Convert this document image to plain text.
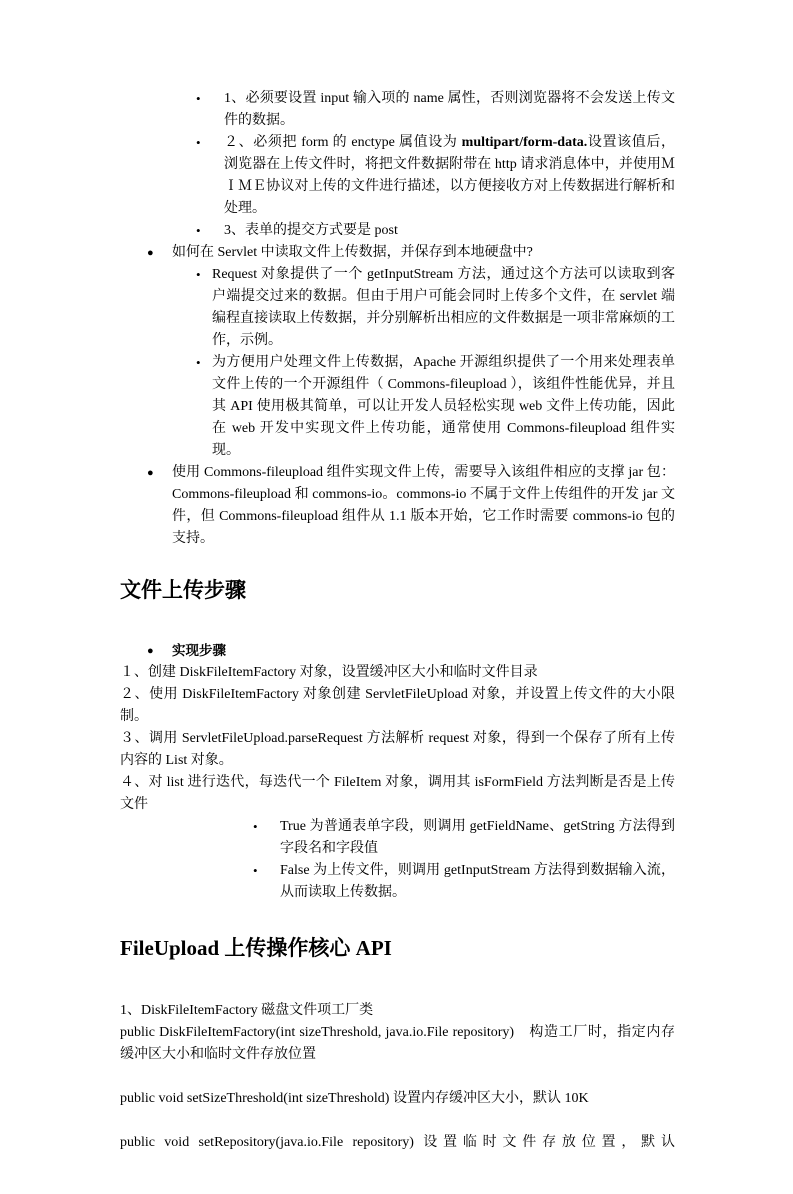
•	1、必须要设置 input 输入项的 name 属性，否则浏览器将不会发送上传文件的数据。
•	２、必须把 form 的 enctype 属值设为 multipart/form-data.设置该值后，浏览器在上传文件时，将把文件数据附带在 http 请求消息体中，并使用ＭＩＭＥ协议对上传的文件进行描述，以方便接收方对上传数据进行解析和处理。
•	3、表单的提交方式要是 post
●	如何在 Servlet 中读取文件上传数据，并保存到本地硬盘中?
• Request 对象提供了一个 getInputStream 方法，通过这个方法可以读取到客户端提交过来的数据。但由于用户可能会同时上传多个文件，在 servlet 端编程直接读取上传数据，并分别解析出相应的文件数据是一项非常麻烦的工作，示例。
• 为方便用户处理文件上传数据，Apache 开源组织提供了一个用来处理表单文件上传的一个开源组件（ Commons-fileupload ），该组件性能优异，并且其 API 使用极其简单，可以让开发人员轻松实现 web 文件上传功能，因此在 web 开发中实现文件上传功能，通常使用 Commons-fileupload 组件实现。
●	使用 Commons-fileupload 组件实现文件上传，需要导入该组件相应的支撑 jar 包：Commons-fileupload 和 commons-io。commons-io 不属于文件上传组件的开发 jar 文件，但 Commons-fileupload 组件从 1.1 版本开始，它工作时需要 commons-io 包的支持。
文件上传步骤
●	实现步骤

１、创建 DiskFileItemFactory 对象，设置缓冲区大小和临时文件目录

２、使用 DiskFileItemFactory 对象创建 ServletFileUpload 对象，并设置上传文件的大小限制。

３、调用 ServletFileUpload.parseRequest 方法解析 request 对象，得到一个保存了所有上传内容的 List 对象。

４、对 list 进行迭代，每迭代一个 FileItem 对象，调用其 isFormField 方法判断是否是上传文件

•	True 为普通表单字段，则调用 getFieldName、getString 方法得到字段名和字段值
•	False 为上传文件，则调用 getInputStream 方法得到数据输入流，从而读取上传数据。
FileUpload 上传操作核心 API

1、DiskFileItemFactory 磁盘文件项工厂类

public DiskFileItemFactory(int sizeThreshold, java.io.File repository)　构造工厂时，指定内存缓冲区大小和临时文件存放位置

public void setSizeThreshold(int sizeThreshold) 设置内存缓冲区大小，默认 10K

public void setRepository(java.io.File repository) 设置临时文件存放位置，默认
